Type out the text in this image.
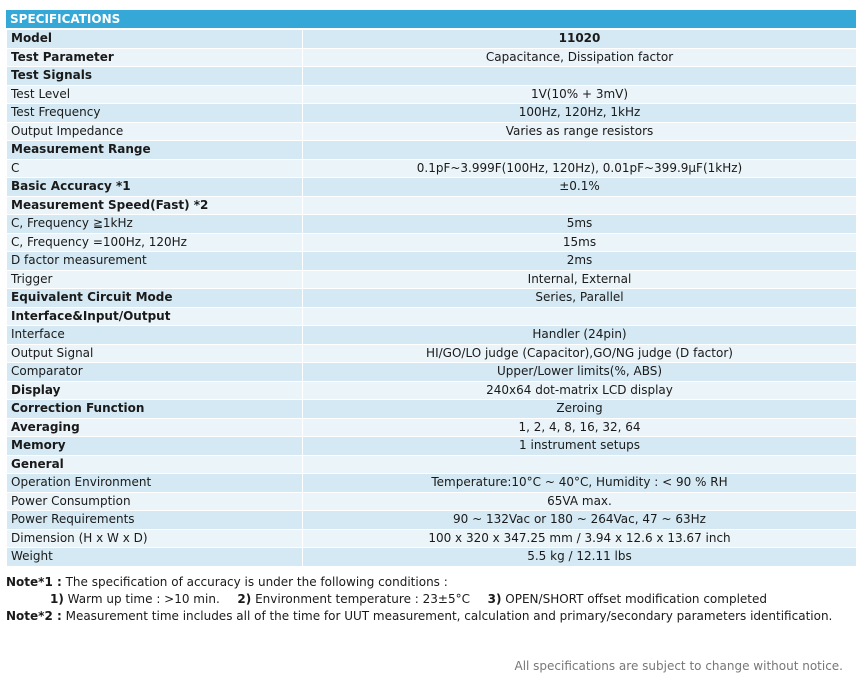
SPECIFICATIONS
Model	11020
Test Parameter	Capacitance, Dissipation factor
Test Signals	
Test Level	1V(10% + 3mV)
Test Frequency	100Hz, 120Hz, 1kHz
Output Impedance	Varies as range resistors
Measurement Range	
C	0.1pF~3.999F(100Hz, 120Hz), 0.01pF~399.9μF(1kHz)
Basic Accuracy *1	±0.1%
Measurement Speed(Fast) *2	
C, Frequency ≧1kHz	5ms
C, Frequency =100Hz, 120Hz	15ms
D factor measurement	2ms
Trigger	Internal, External
Equivalent Circuit Mode	Series, Parallel
Interface&Input/Output	
Interface	Handler (24pin)
Output Signal	HI/GO/LO judge (Capacitor),GO/NG judge (D factor)
Comparator	Upper/Lower limits(%, ABS)
Display	240x64 dot-matrix LCD display
Correction Function	Zeroing
Averaging	1, 2, 4, 8, 16, 32, 64
Memory	1 instrument setups
General	
Operation Environment	Temperature:10°C ~ 40°C, Humidity : < 90 % RH
Power Consumption	65VA max.
Power Requirements	90 ~ 132Vac or 180 ~ 264Vac, 47 ~ 63Hz
Dimension (H x W x D)	100 x 320 x 347.25 mm / 3.94 x 12.6 x 13.67 inch
Weight	5.5 kg / 12.11 lbs
Note*1 : The specification of accuracy is under the following conditions :
1) Warm up time : >10 min. 2) Environment temperature : 23±5°C 3) OPEN/SHORT offset modification completed
Note*2 : Measurement time includes all of the time for UUT measurement, calculation and primary/secondary parameters identification.
All specifications are subject to change without notice.
